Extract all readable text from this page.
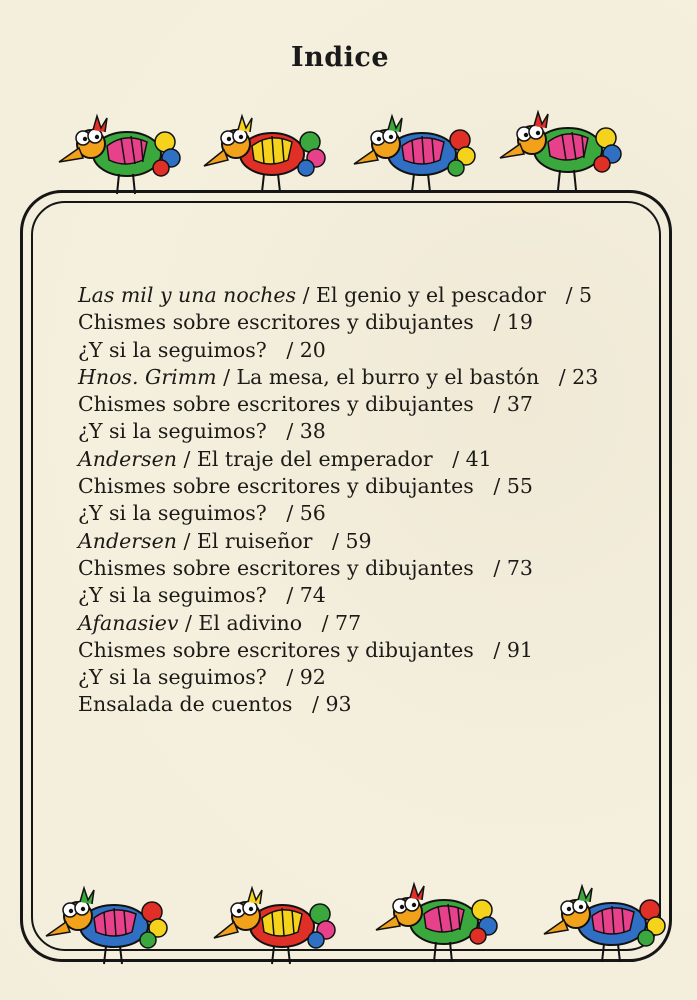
Indice
Las mil y una noches / El genio y el pescador / 5
Chismes sobre escritores y dibujantes / 19
¿Y si la seguimos? / 20
Hnos. Grimm / La mesa, el burro y el bastón / 23
Chismes sobre escritores y dibujantes / 37
¿Y si la seguimos? / 38
Andersen / El traje del emperador / 41
Chismes sobre escritores y dibujantes / 55
¿Y si la seguimos? / 56
Andersen / El ruiseñor / 59
Chismes sobre escritores y dibujantes / 73
¿Y si la seguimos? / 74
Afanasiev / El adivino / 77
Chismes sobre escritores y dibujantes / 91
¿Y si la seguimos? / 92
Ensalada de cuentos / 93
